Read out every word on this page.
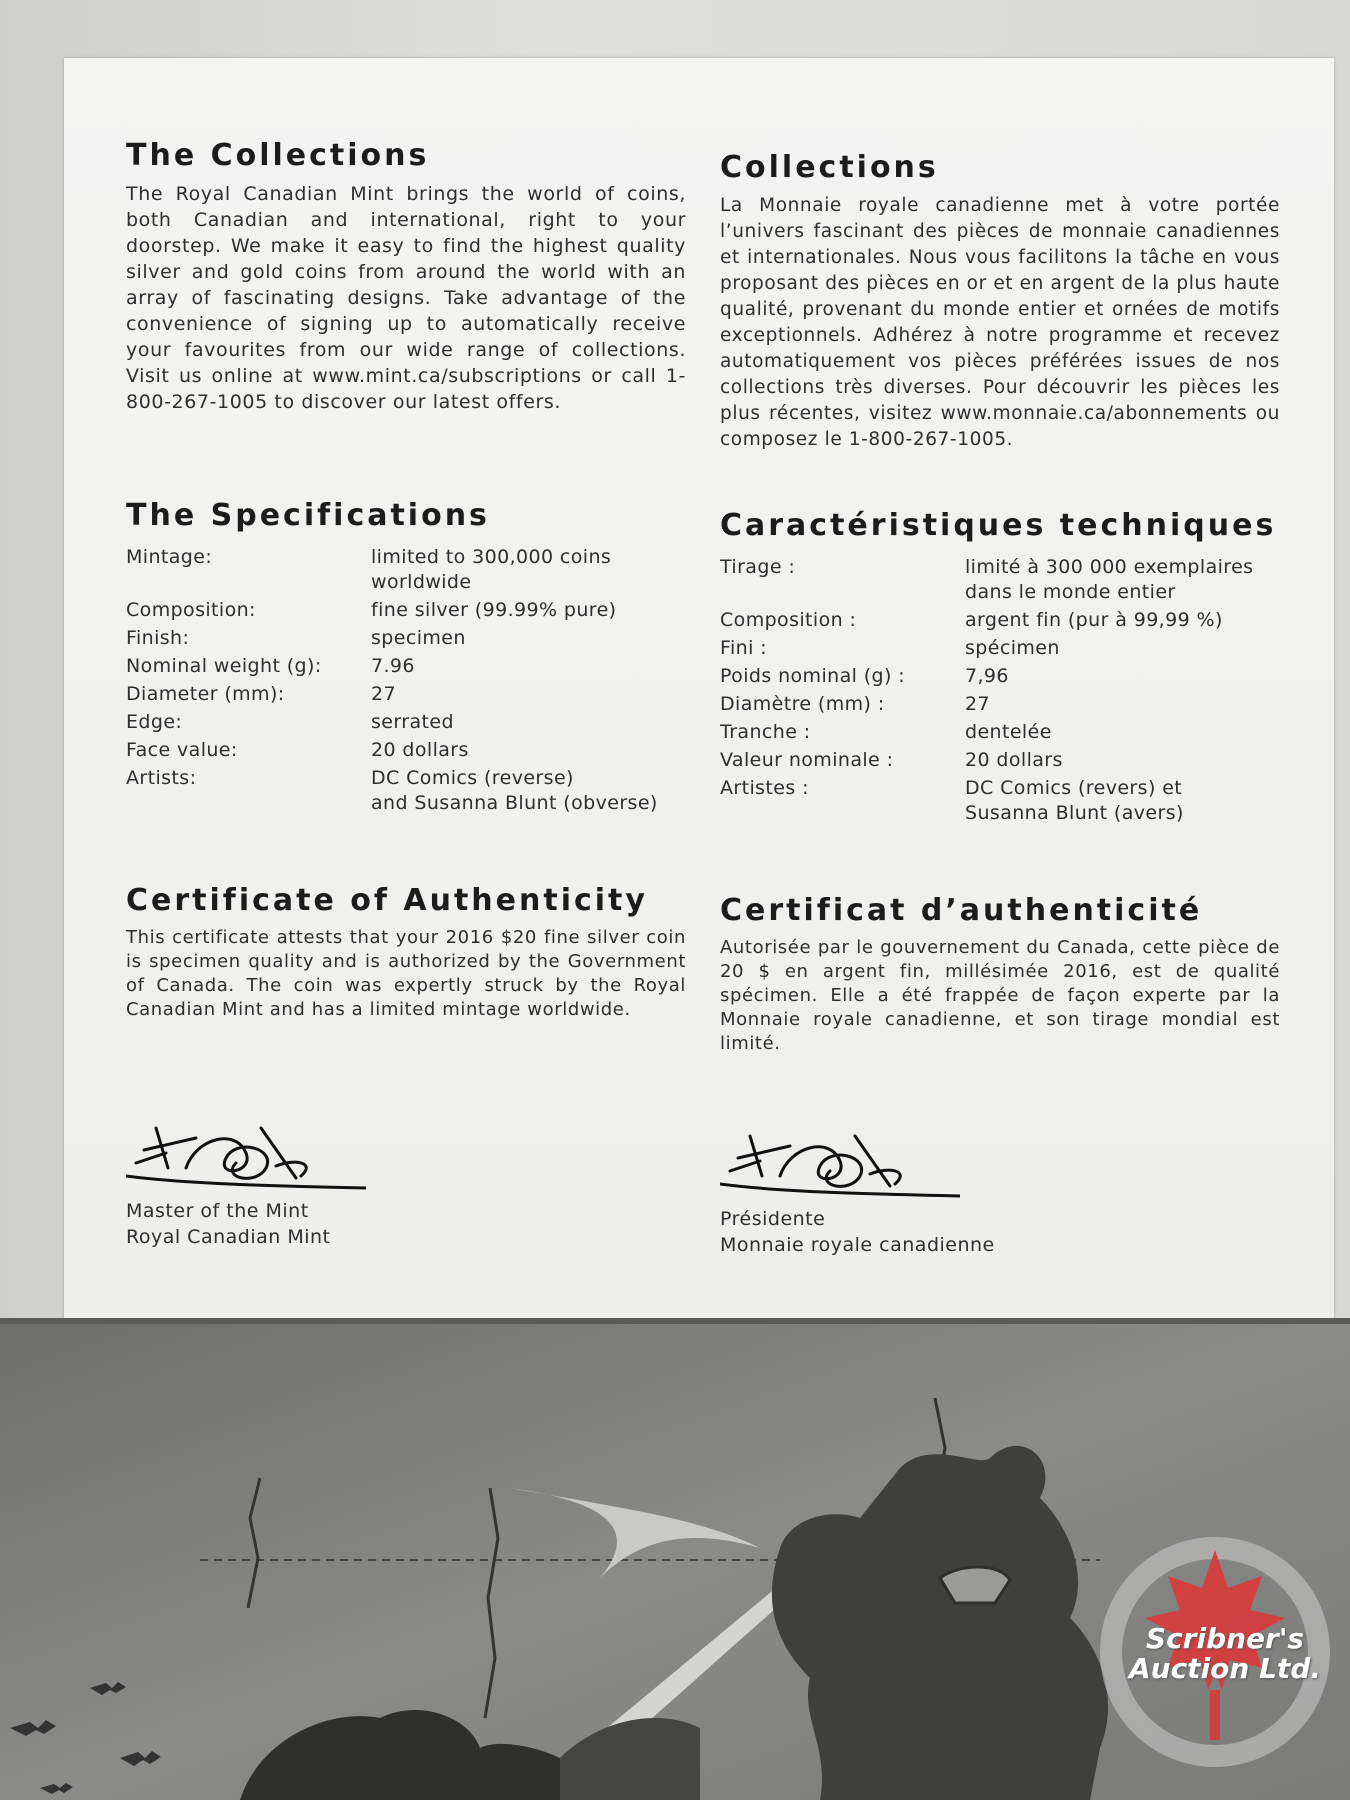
The Collections

The Royal Canadian Mint brings the world of coins, both Canadian and international, right to your doorstep. We make it easy to find the highest quality silver and gold coins from around the world with an array of fascinating designs. Take advantage of the convenience of signing up to automatically receive your favourites from our wide range of collections. Visit us online at www.mint.ca/subscriptions or call 1-800-267-1005 to discover our latest offers.

The Specifications
Mintage:	limited to 300,000 coins
worldwide
Composition:	fine silver (99.99% pure)
Finish:	specimen
Nominal weight (g):	7.96
Diameter (mm):	27
Edge:	serrated
Face value:	20 dollars
Artists:	DC Comics (reverse)
and Susanna Blunt (obverse)
Certificate of Authenticity

This certificate attests that your 2016 $20 fine silver coin is specimen quality and is authorized by the Government of Canada. The coin was expertly struck by the Royal Canadian Mint and has a limited mintage worldwide.

Master of the Mint
Royal Canadian Mint
Collections

La Monnaie royale canadienne met à votre portée l’univers fascinant des pièces de monnaie canadiennes et internationales. Nous vous facilitons la tâche en vous proposant des pièces en or et en argent de la plus haute qualité, provenant du monde entier et ornées de motifs exceptionnels. Adhérez à notre programme et recevez automatiquement vos pièces préférées issues de nos collections très diverses. Pour découvrir les pièces les plus récentes, visitez www.monnaie.ca/abonnements ou composez le 1-800-267-1005.

Caractéristiques techniques
Tirage :	limité à 300 000 exemplaires
dans le monde entier
Composition :	argent fin (pur à 99,99 %)
Fini :	spécimen
Poids nominal (g) :	7,96
Diamètre (mm) :	27
Tranche :	dentelée
Valeur nominale :	20 dollars
Artistes :	DC Comics (revers) et
Susanna Blunt (avers)
Certificat d’authenticité

Autorisée par le gouvernement du Canada, cette pièce de 20 $ en argent fin, millésimée 2016, est de qualité spécimen. Elle a été frappée de façon experte par la Monnaie royale canadienne, et son tirage mondial est limité.

Présidente
Monnaie royale canadienne
Scribner's
Auction Ltd.
